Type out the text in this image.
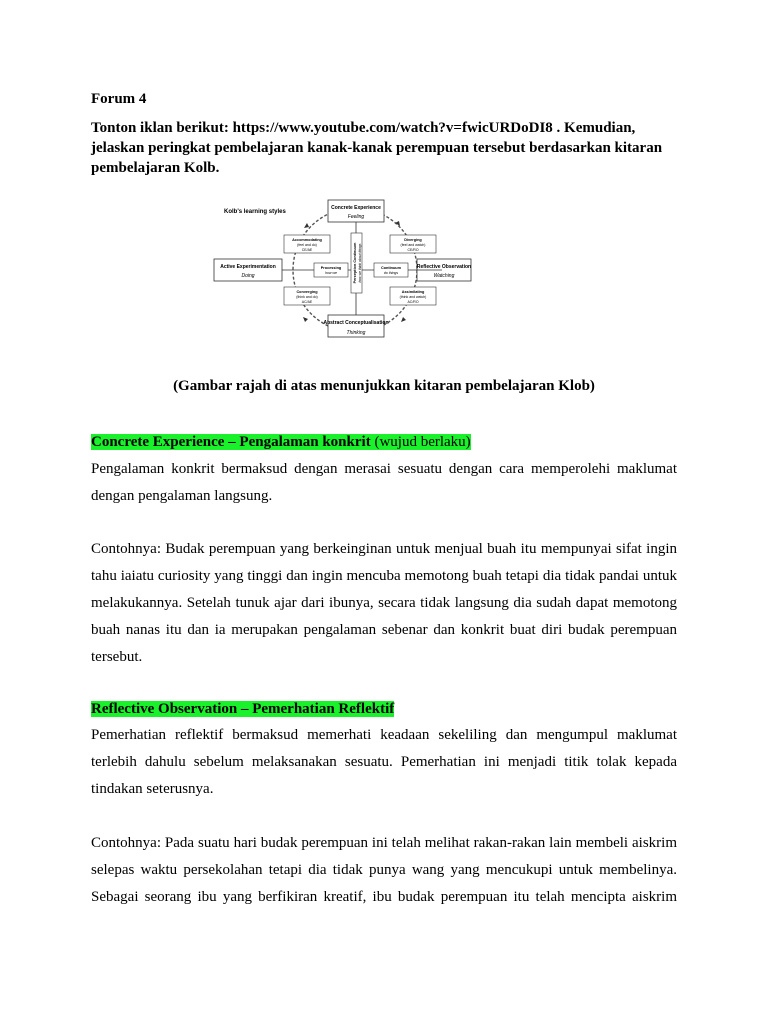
Forum 4
Tonton iklan berikut: https://www.youtube.com/watch?v=fwicURDoDI8 . Kemudian, jelaskan peringkat pembelajaran kanak-kanak perempuan tersebut berdasarkan kitaran pembelajaran Kolb.
Kolb's learning styles
Concrete Experience
Feeling
Reflective Observation
Watching
Abstract Conceptualisation
Thinking
Active Experimentation
Doing
Accommodating
(feel and do)
CE/AE
Diverging
(feel and watch)
CE/RO
Converging
(think and do)
AC/AE
Assimilating
(think and watch)
AC/RO
Processing
how we
Continuum
do things
Perception Continuum how we think about things
(Gambar rajah di atas menunjukkan kitaran pembelajaran Klob)
Concrete Experience – Pengalaman konkrit (wujud berlaku)
Pengalaman konkrit bermaksud dengan merasai sesuatu dengan cara memperolehi maklumat
dengan pengalaman langsung.
Contohnya: Budak perempuan yang berkeinginan untuk menjual buah itu mempunyai sifat ingin
tahu iaiatu curiosity yang tinggi dan ingin mencuba memotong buah tetapi dia tidak pandai untuk
melakukannya. Setelah tunuk ajar dari ibunya, secara tidak langsung dia sudah dapat memotong
buah nanas itu dan ia merupakan pengalaman sebenar dan konkrit buat diri budak perempuan
tersebut.
Reflective Observation – Pemerhatian Reflektif
Pemerhatian reflektif bermaksud memerhati keadaan sekeliling dan mengumpul maklumat
terlebih dahulu sebelum melaksanakan sesuatu. Pemerhatian ini menjadi titik tolak kepada
tindakan seterusnya.
Contohnya: Pada suatu hari budak perempuan ini telah melihat rakan-rakan lain membeli aiskrim
selepas waktu persekolahan tetapi dia tidak punya wang yang mencukupi untuk membelinya.
Sebagai seorang ibu yang berfikiran kreatif, ibu budak perempuan itu telah mencipta aiskrim
